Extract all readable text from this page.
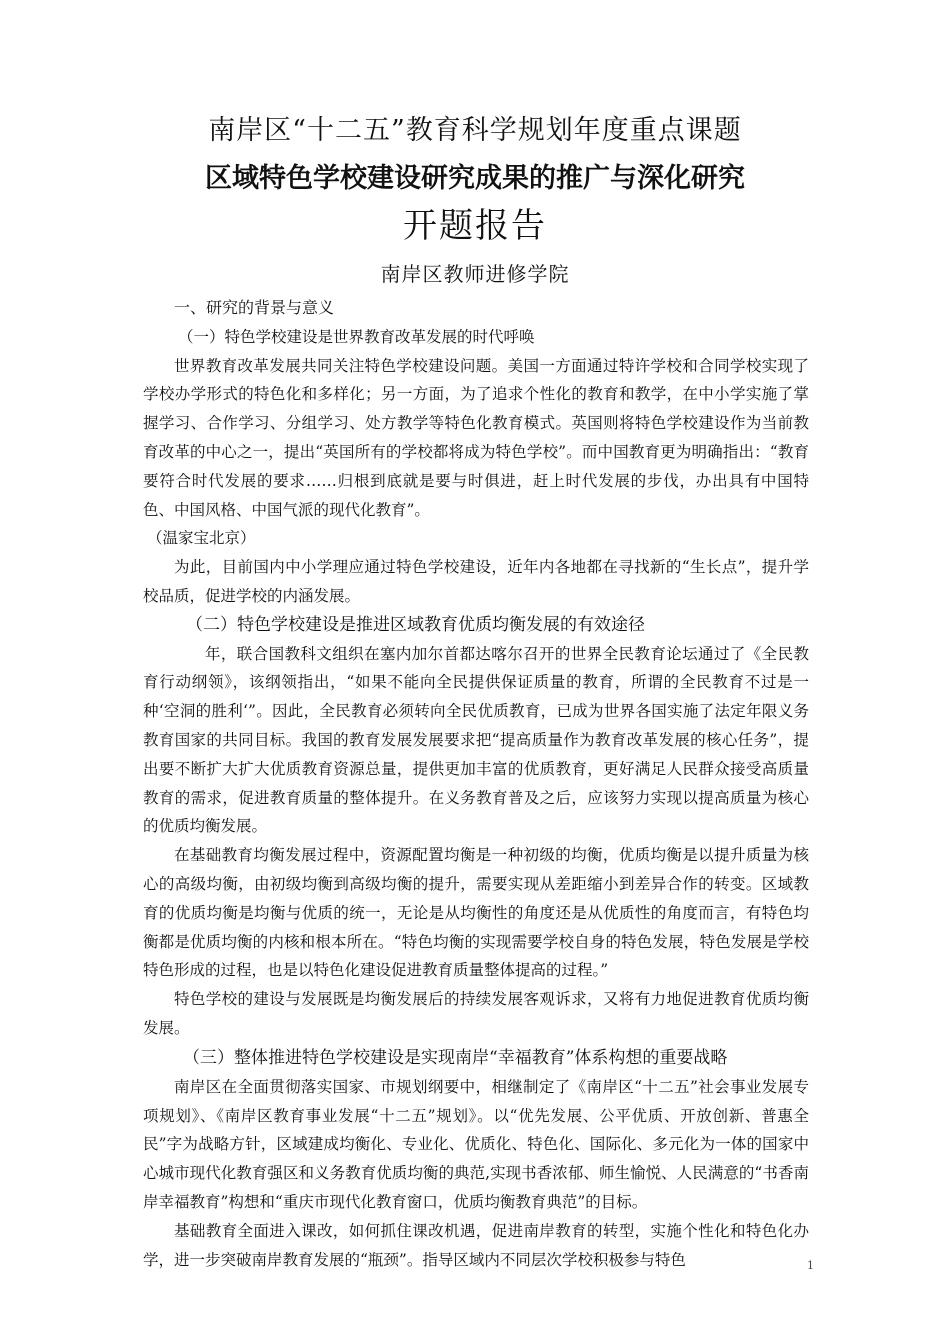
南岸区“十二五”教育科学规划年度重点课题
区域特色学校建设研究成果的推广与深化研究
开题报告
南岸区教师进修学院

一、研究的背景与意义

（一）特色学校建设是世界教育改革发展的时代呼唤

世界教育改革发展共同关注特色学校建设问题。美国一方面通过特许学校和合同学校实现了学校办学形式的特色化和多样化；另一方面，为了追求个性化的教育和教学，在中小学实施了掌握学习、合作学习、分组学习、处方教学等特色化教育模式。英国则将特色学校建设作为当前教育改革的中心之一，提出“英国所有的学校都将成为特色学校”。而中国教育更为明确指出：“教育要符合时代发展的要求……归根到底就是要与时俱进，赶上时代发展的步伐，办出具有中国特色、中国风格、中国气派的现代化教育”。

（温家宝北京）

为此，目前国内中小学理应通过特色学校建设，近年内各地都在寻找新的“生长点”，提升学校品质，促进学校的内涵发展。

（二）特色学校建设是推进区域教育优质均衡发展的有效途径

年，联合国教科文组织在塞内加尔首都达喀尔召开的世界全民教育论坛通过了《全民教育行动纲领》，该纲领指出，“如果不能向全民提供保证质量的教育，所谓的全民教育不过是一种‘空洞的胜利‘”。因此，全民教育必须转向全民优质教育，已成为世界各国实施了法定年限义务教育国家的共同目标。我国的教育发展发展要求把“提高质量作为教育改革发展的核心任务”，提出要不断扩大扩大优质教育资源总量，提供更加丰富的优质教育，更好满足人民群众接受高质量教育的需求，促进教育质量的整体提升。在义务教育普及之后，应该努力实现以提高质量为核心的优质均衡发展。

在基础教育均衡发展过程中，资源配置均衡是一种初级的均衡，优质均衡是以提升质量为核心的高级均衡，由初级均衡到高级均衡的提升，需要实现从差距缩小到差异合作的转变。区域教育的优质均衡是均衡与优质的统一，无论是从均衡性的角度还是从优质性的角度而言，有特色均衡都是优质均衡的内核和根本所在。“特色均衡的实现需要学校自身的特色发展，特色发展是学校特色形成的过程，也是以特色化建设促进教育质量整体提高的过程。”

特色学校的建设与发展既是均衡发展后的持续发展客观诉求，又将有力地促进教育优质均衡发展。

（三）整体推进特色学校建设是实现南岸“幸福教育”体系构想的重要战略

南岸区在全面贯彻落实国家、市规划纲要中，相继制定了《南岸区“十二五”社会事业发展专项规划》、《南岸区教育事业发展“十二五”规划》。以“优先发展、公平优质、开放创新、普惠全民”字为战略方针，区域建成均衡化、专业化、优质化、特色化、国际化、多元化为一体的国家中心城市现代化教育强区和义务教育优质均衡的典范,实现书香浓郁、师生愉悦、人民满意的“书香南岸幸福教育”构想和“重庆市现代化教育窗口，优质均衡教育典范”的目标。

基础教育全面进入课改，如何抓住课改机遇，促进南岸教育的转型，实施个性化和特色化办学，进一步突破南岸教育发展的“瓶颈”。指导区域内不同层次学校积极参与特色	1
